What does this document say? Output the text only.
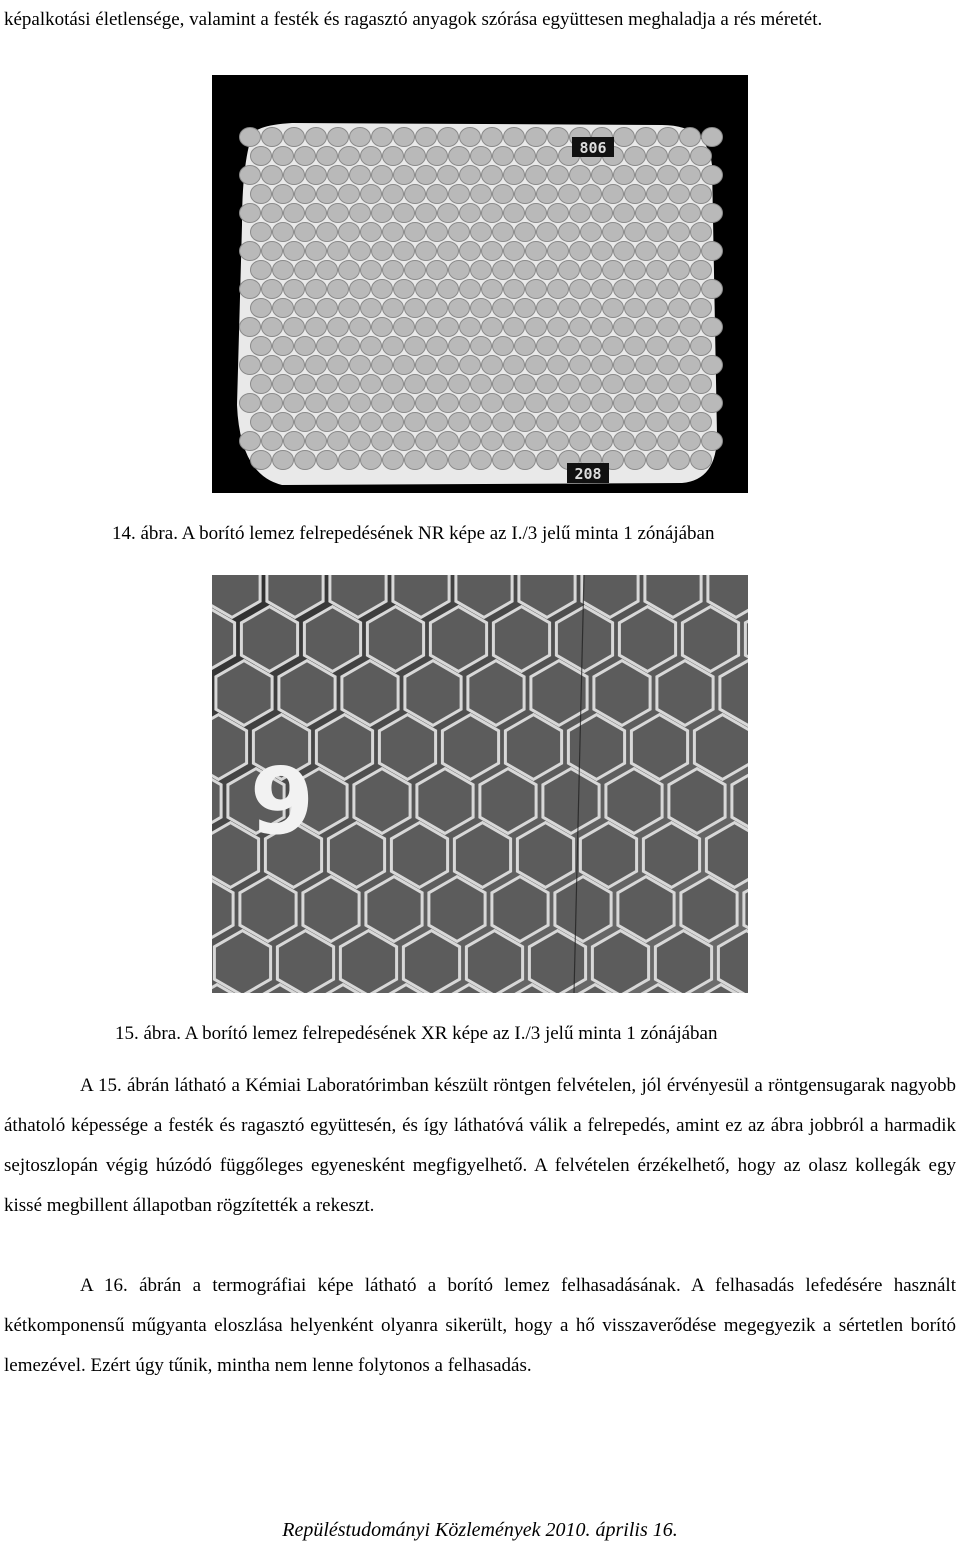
képalkotási életlensége, valamint a festék és ragasztó anyagok szórása együttesen meghaladja a rés méretét.

806
208

14. ábra. A borító lemez felrepedésének NR képe az I./3 jelű minta 1 zónájában

9

15. ábra. A borító lemez felrepedésének XR képe az I./3 jelű minta 1 zónájában

A 15. ábrán látható a Kémiai Laboratórimban készült röntgen felvételen, jól érvényesül a röntgensugarak nagyobb áthatoló képessége a festék és ragasztó együttesén, és így láthatóvá válik a felrepedés, amint ez az ábra jobbról a harmadik sejtoszlopán végig húzódó függőleges egyenesként megfigyelhető. A felvételen érzékelhető, hogy az olasz kollegák egy kissé megbillent állapotban rögzítették a rekeszt.

A 16. ábrán a termográfiai képe látható a borító lemez felhasadásának. A felhasadás lefedésére használt kétkomponensű műgyanta eloszlása helyenként olyanra sikerült, hogy a hő visszaverődése megegyezik a sértetlen borító lemezével. Ezért úgy tűnik, mintha nem lenne folytonos a felhasadás.

Repüléstudományi Közlemények 2010. április 16.
